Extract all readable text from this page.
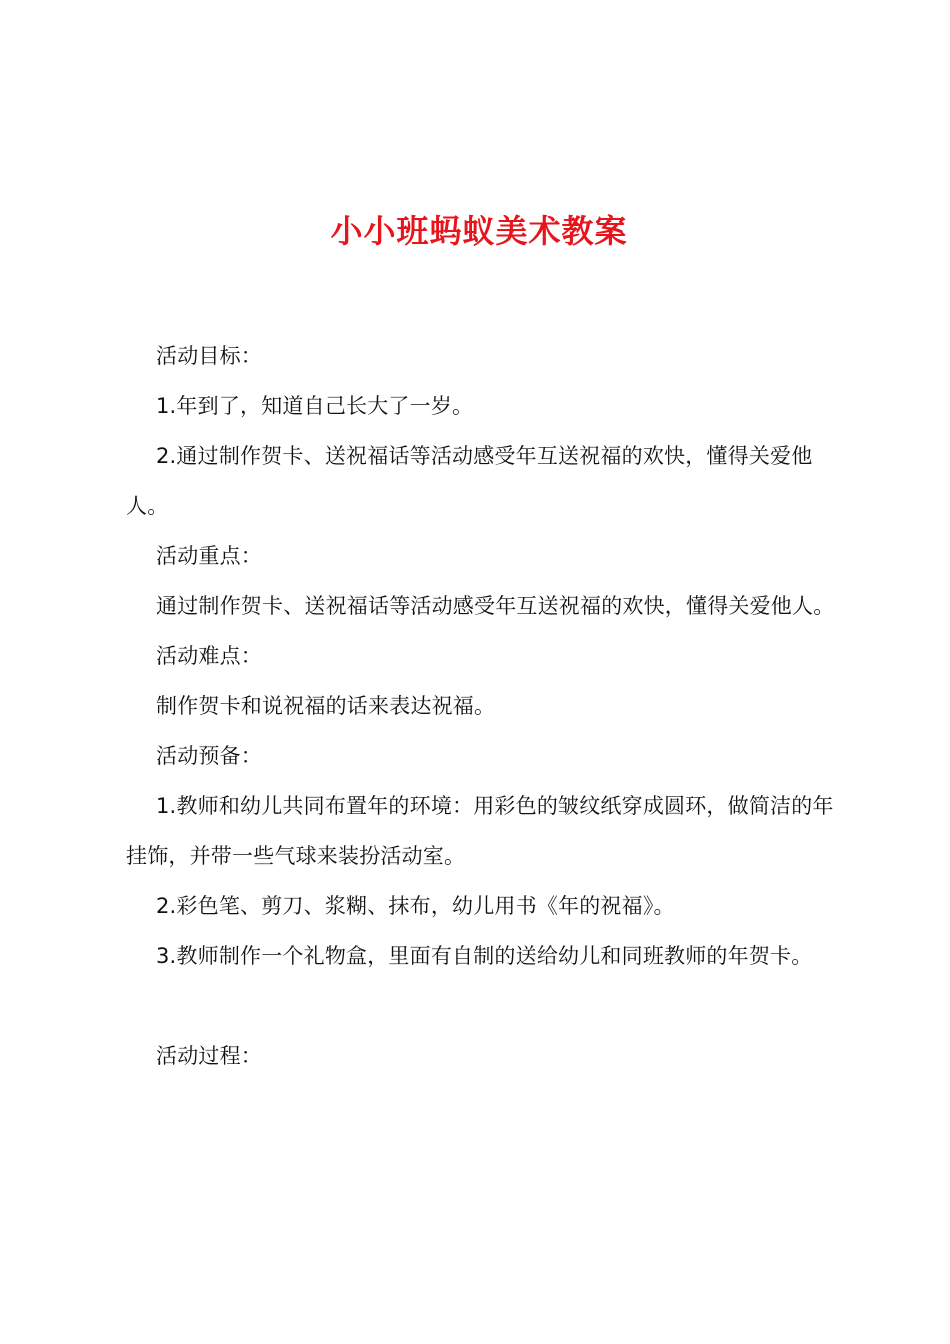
小小班蚂蚁美术教案

活动目标：

1.年到了，知道自己长大了一岁。

2.通过制作贺卡、送祝福话等活动感受年互送祝福的欢快，懂得关爱他人。

活动重点：

通过制作贺卡、送祝福话等活动感受年互送祝福的欢快，懂得关爱他人。

活动难点：

制作贺卡和说祝福的话来表达祝福。

活动预备：

1.教师和幼儿共同布置年的环境：用彩色的皱纹纸穿成圆环，做简洁的年挂饰，并带一些气球来装扮活动室。

2.彩色笔、剪刀、浆糊、抹布，幼儿用书《年的祝福》。

3.教师制作一个礼物盒，里面有自制的送给幼儿和同班教师的年贺卡。

活动过程：
